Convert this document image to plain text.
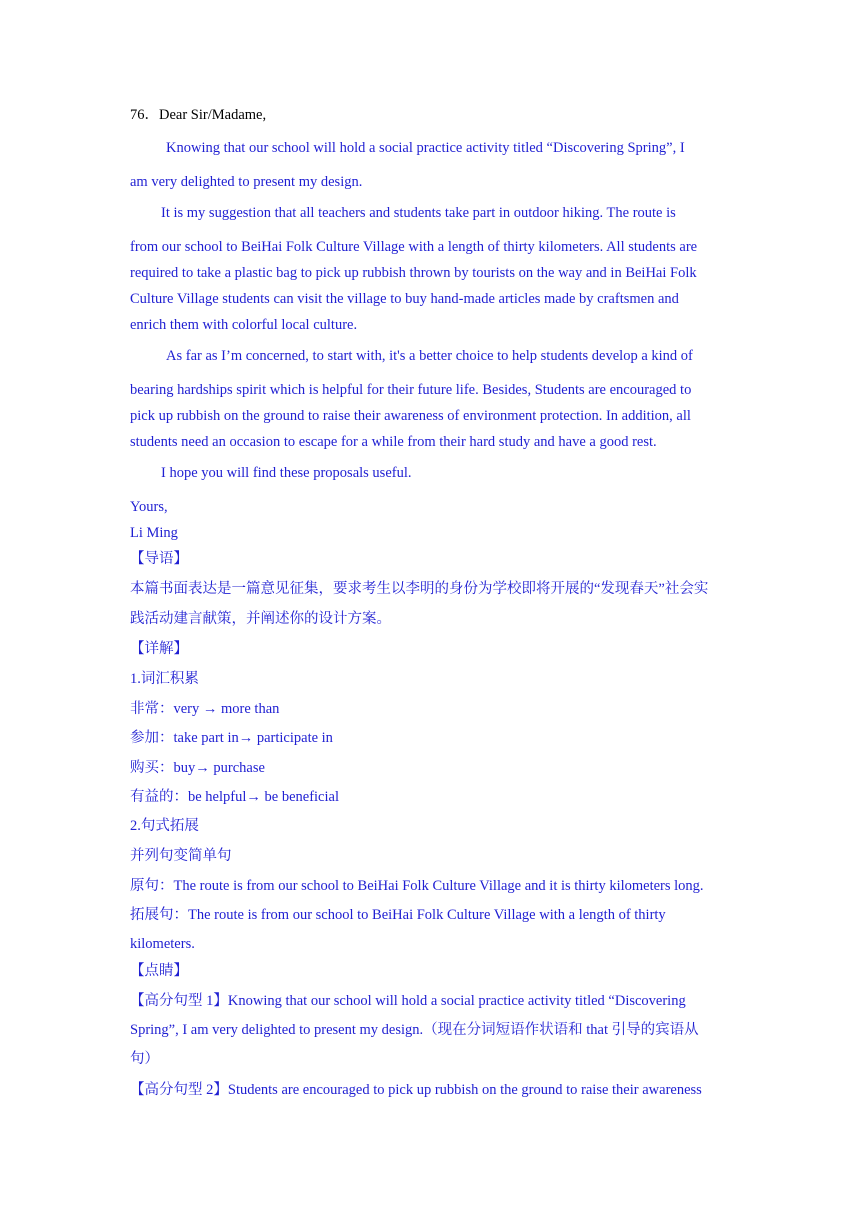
76．Dear Sir/Madame,
Knowing that our school will hold a social practice activity titled “Discovering Spring”, I
am very delighted to present my design.
It is my suggestion that all teachers and students take part in outdoor hiking. The route is
from our school to BeiHai Folk Culture Village with a length of thirty kilometers. All students are
required to take a plastic bag to pick up rubbish thrown by tourists on the way and in BeiHai Folk
Culture Village students can visit the village to buy hand-made articles made by craftsmen and
enrich them with colorful local culture.
As far as I’m concerned, to start with, it's a better choice to help students develop a kind of
bearing hardships spirit which is helpful for their future life. Besides, Students are encouraged to
pick up rubbish on the ground to raise their awareness of environment protection. In addition, all
students need an occasion to escape for a while from their hard study and have a good rest.
I hope you will find these proposals useful.
Yours,
Li Ming
【导语】
本篇书面表达是一篇意见征集，要求考生以李明的身份为学校即将开展的“发现春天”社会实
践活动建言献策，并阐述你的设计方案。
【详解】
1.词汇积累
非常：very → more than
参加：take part in→ participate in
购买：buy→ purchase
有益的：be helpful→ be beneficial
2.句式拓展
并列句变简单句
原句：The route is from our school to BeiHai Folk Culture Village and it is thirty kilometers long.
拓展句：The route is from our school to BeiHai Folk Culture Village with a length of thirty
kilometers.
【点睛】
【高分句型 1】Knowing that our school will hold a social practice activity titled “Discovering
Spring”, I am very delighted to present my design.（现在分词短语作状语和 that 引导的宾语从
句）
【高分句型 2】Students are encouraged to pick up rubbish on the ground to raise their awareness
